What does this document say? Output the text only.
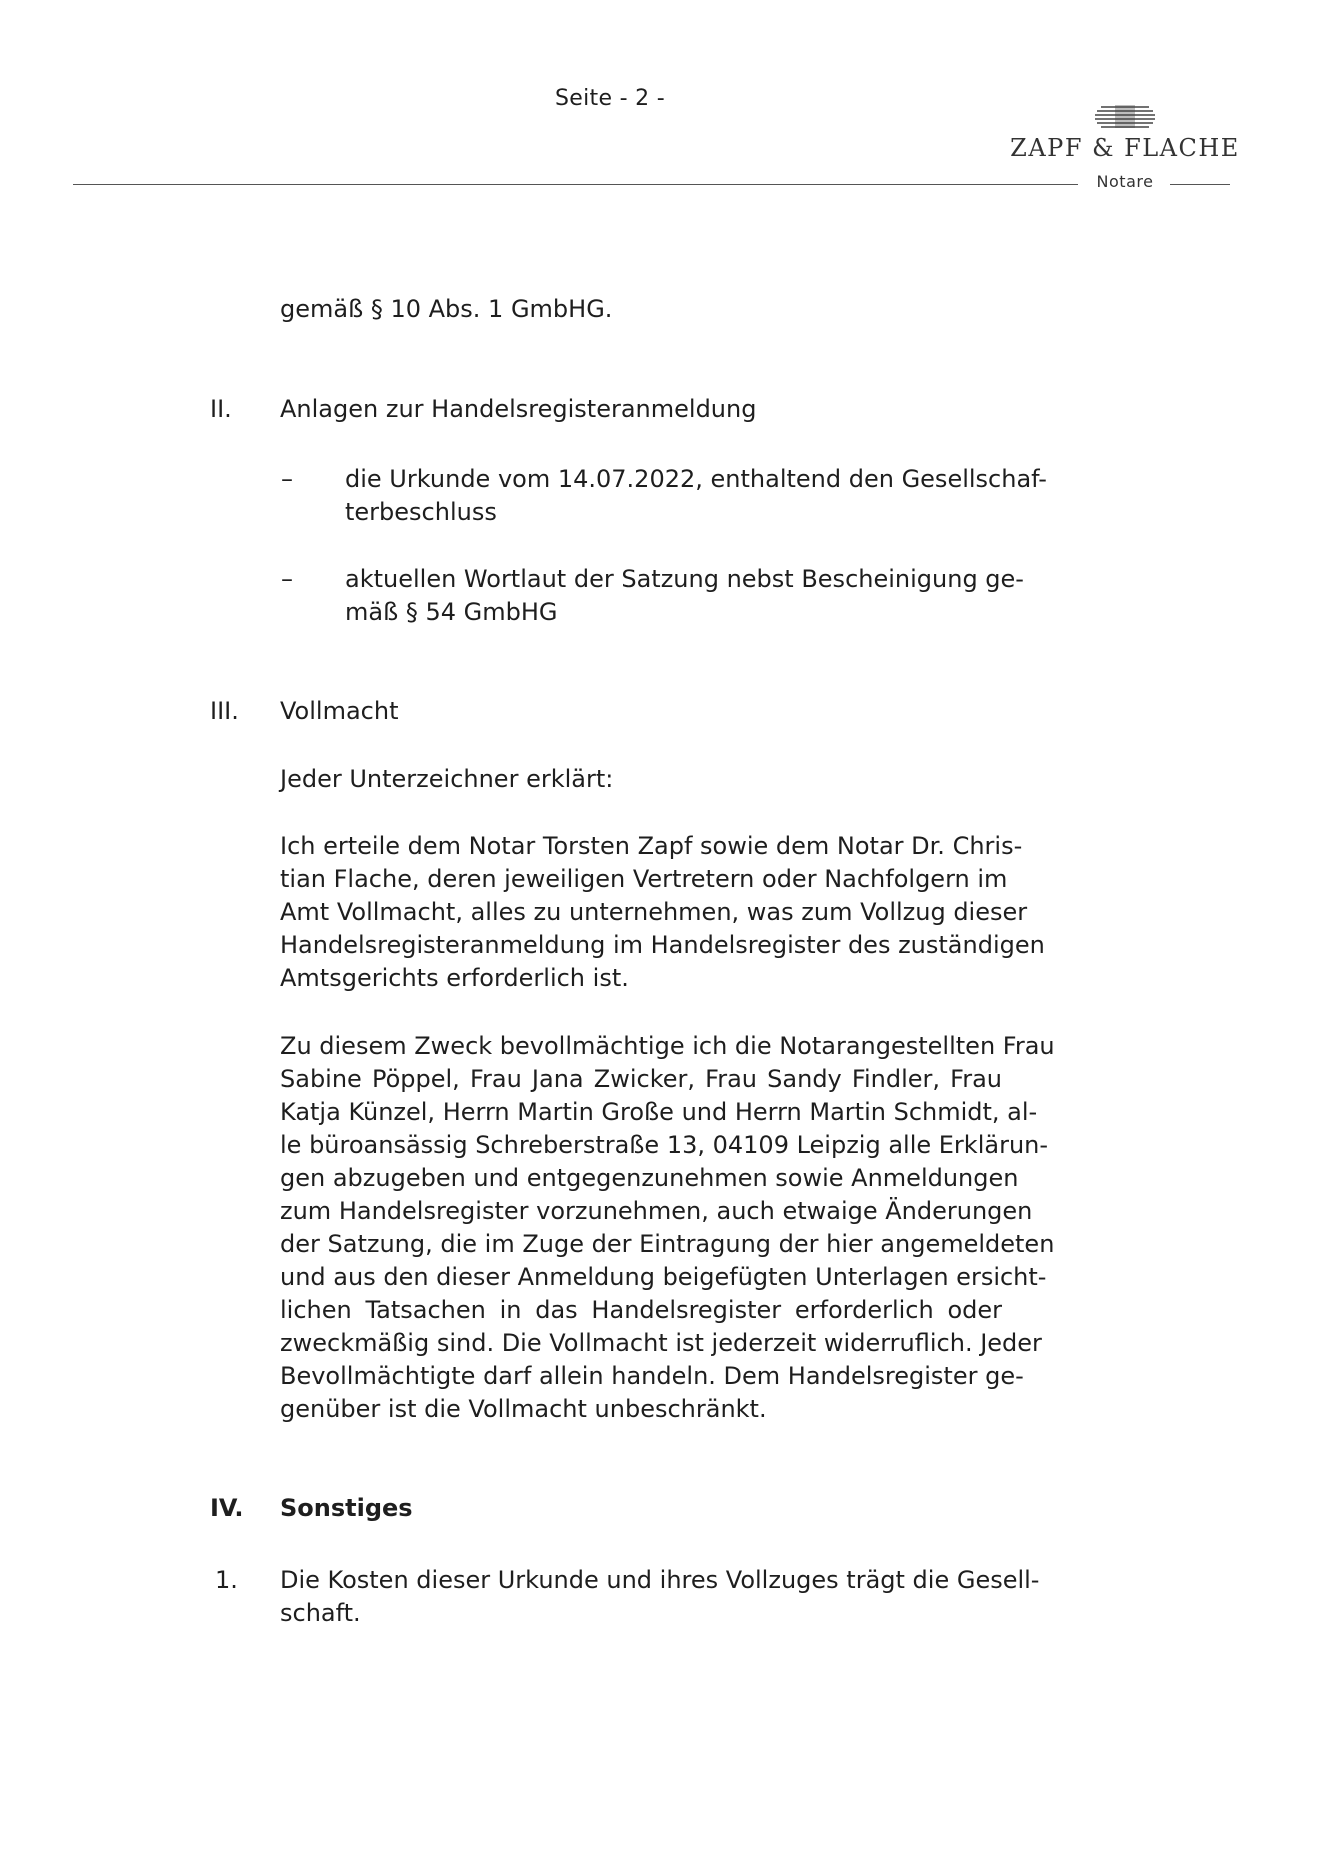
Seite - 2 -
ZAPF & FLACHE
Notare
gemäß § 10 Abs. 1 GmbHG.
II. Anlagen zur Handelsregisteranmeldung
– die Urkunde vom 14.07.2022, enthaltend den Gesellschaf-
terbeschluss
– aktuellen Wortlaut der Satzung nebst Bescheinigung ge-
mäß § 54 GmbHG
III. Vollmacht
Jeder Unterzeichner erklärt:
Ich erteile dem Notar Torsten Zapf sowie dem Notar Dr. Chris-
tian Flache, deren jeweiligen Vertretern oder Nachfolgern im
Amt Vollmacht, alles zu unternehmen, was zum Vollzug dieser
Handelsregisteranmeldung im Handelsregister des zuständigen
Amtsgerichts erforderlich ist.
Zu diesem Zweck bevollmächtige ich die Notarangestellten Frau
Sabine Pöppel, Frau Jana Zwicker, Frau Sandy Findler, Frau
Katja Künzel, Herrn Martin Große und Herrn Martin Schmidt, al-
le büroansässig Schreberstraße 13, 04109 Leipzig alle Erklärun-
gen abzugeben und entgegenzunehmen sowie Anmeldungen
zum Handelsregister vorzunehmen, auch etwaige Änderungen
der Satzung, die im Zuge der Eintragung der hier angemeldeten
und aus den dieser Anmeldung beigefügten Unterlagen ersicht-
lichen Tatsachen in das Handelsregister erforderlich oder
zweckmäßig sind. Die Vollmacht ist jederzeit widerruflich. Jeder
Bevollmächtigte darf allein handeln. Dem Handelsregister ge-
genüber ist die Vollmacht unbeschränkt.
IV. Sonstiges
1. Die Kosten dieser Urkunde und ihres Vollzuges trägt die Gesell-
schaft.
